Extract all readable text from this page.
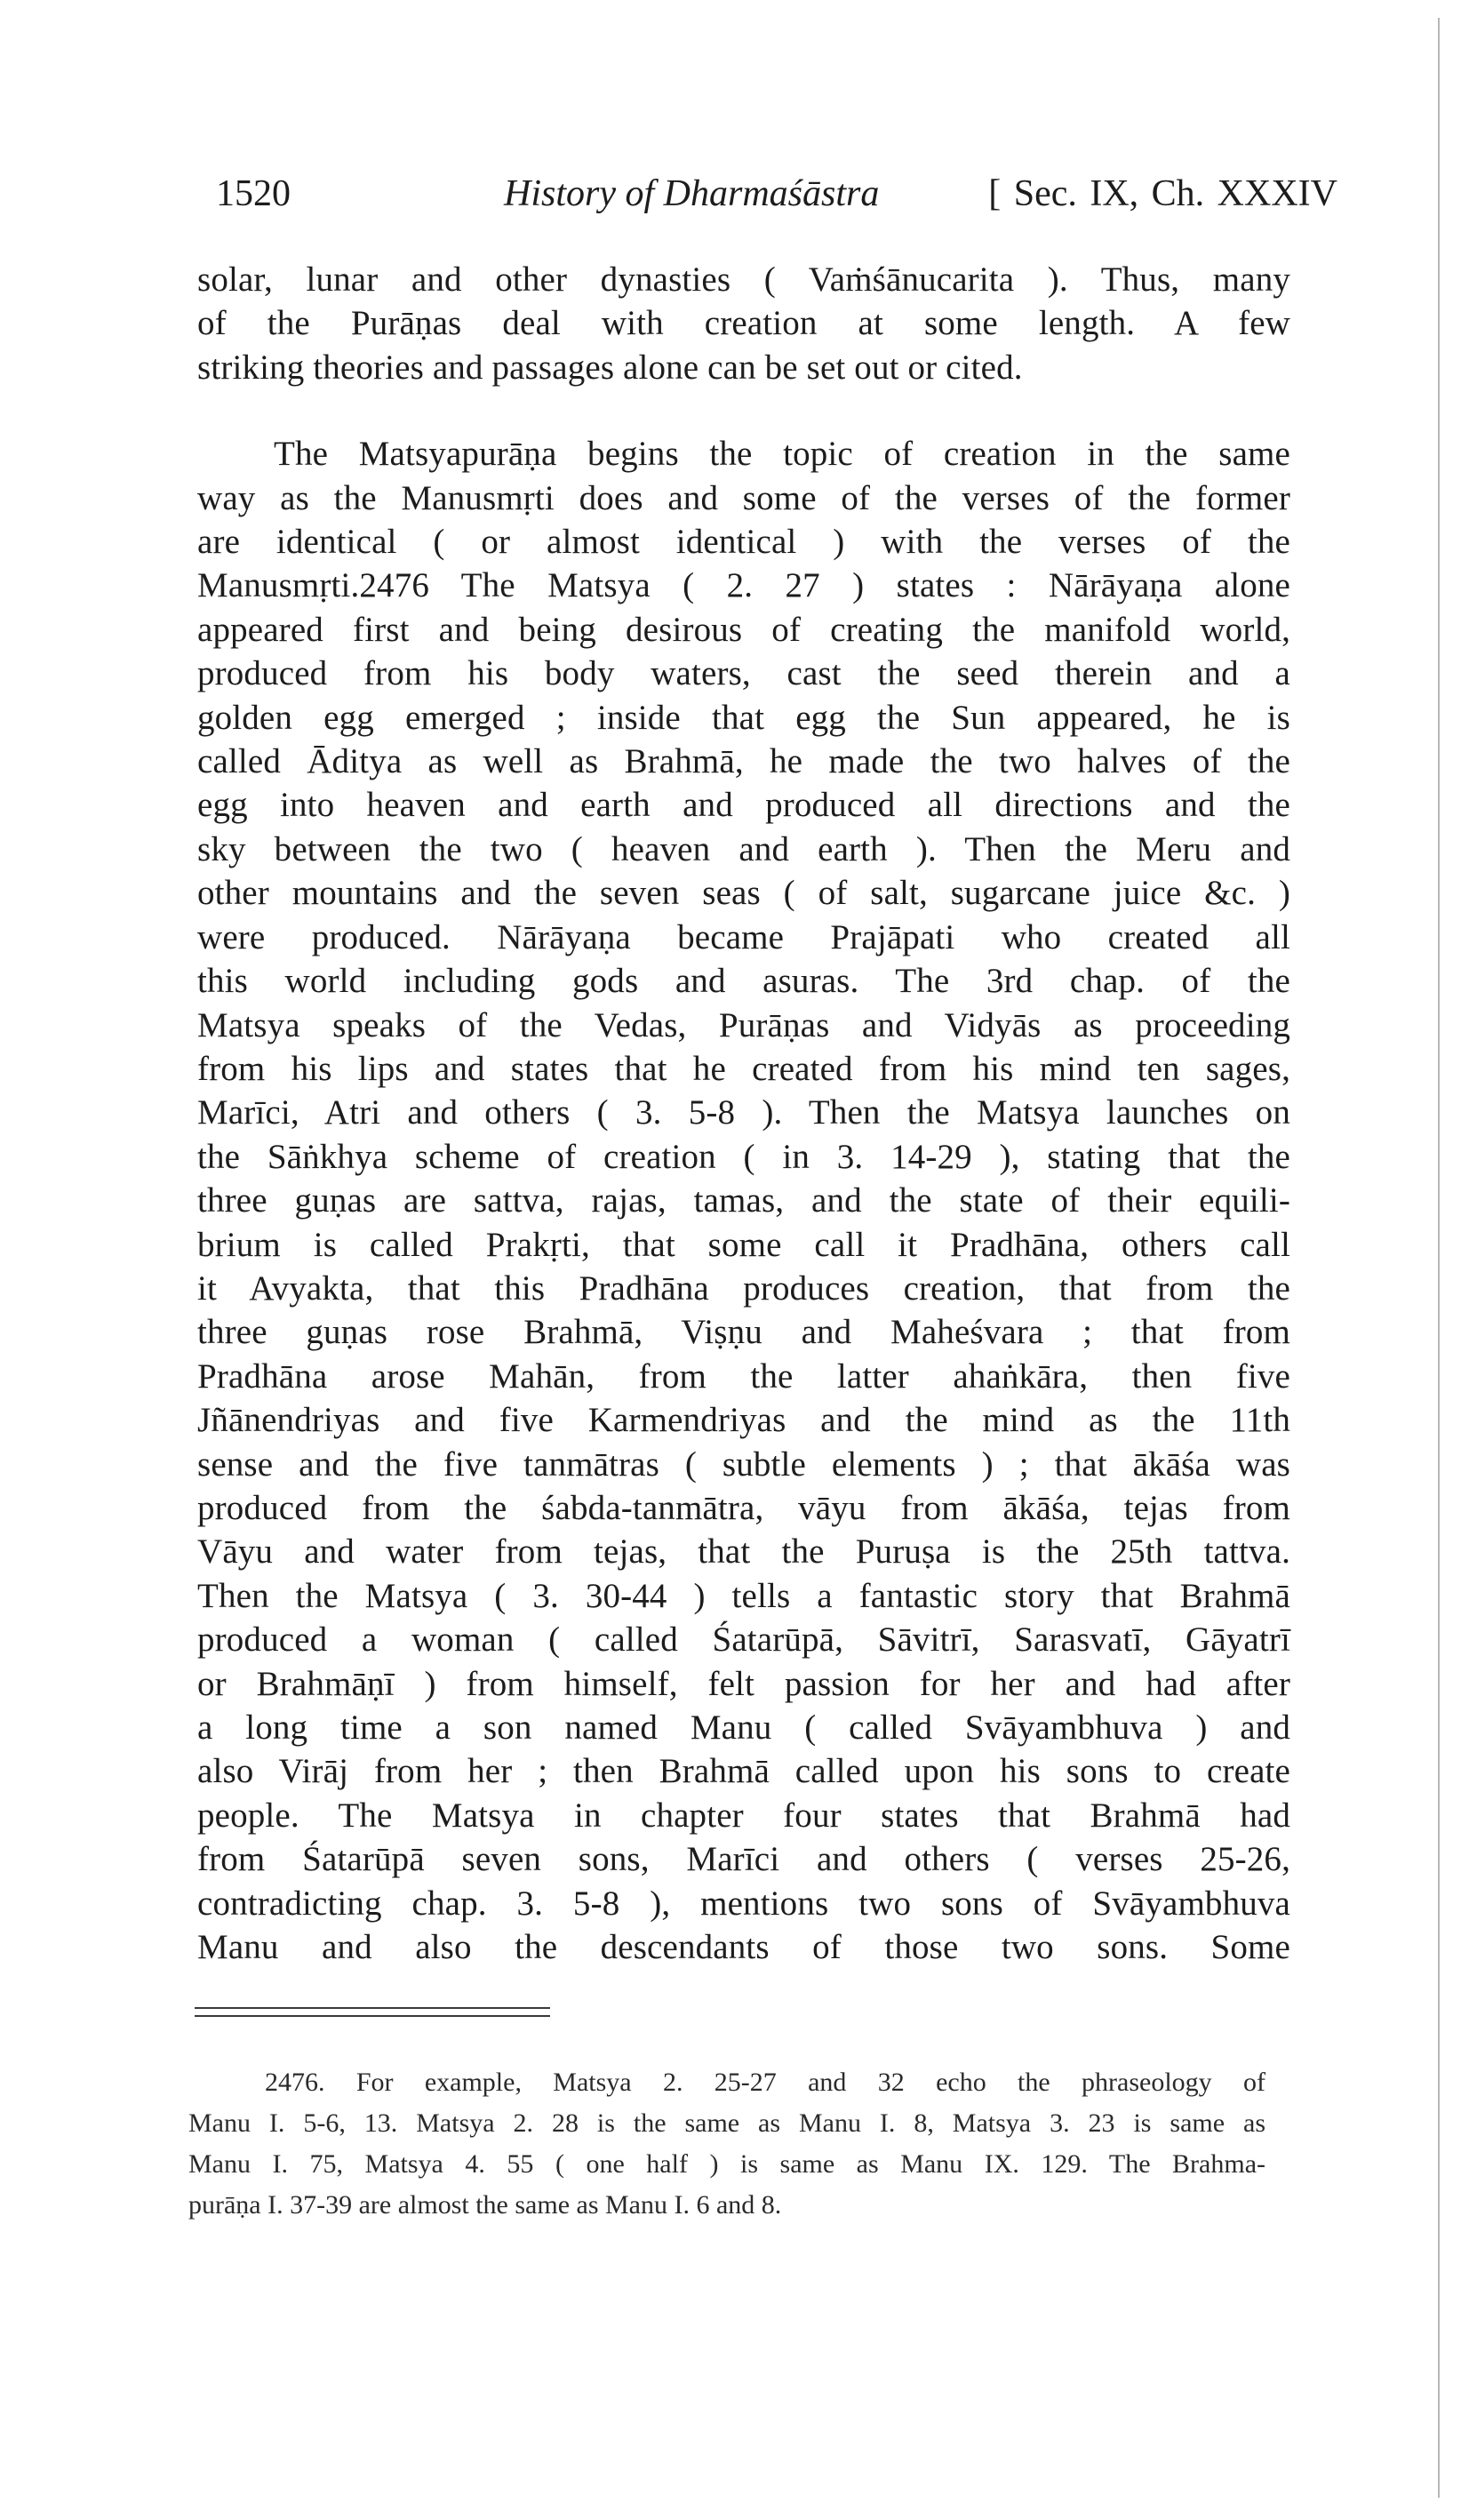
1520	History of Dharmaśāstra	[ Sec. IX, Ch. XXXIV
solar, lunar and other dynasties ( Vaṁśānucarita ). Thus, many
of the Purāṇas deal with creation at some length. A few
striking theories and passages alone can be set out or cited.
The Matsyapurāṇa begins the topic of creation in the same
way as the Manusmṛti does and some of the verses of the former
are identical ( or almost identical ) with the verses of the
Manusmṛti.2476 The Matsya ( 2. 27 ) states : Nārāyaṇa alone
appeared first and being desirous of creating the manifold world,
produced from his body waters, cast the seed therein and a
golden egg emerged ; inside that egg the Sun appeared, he is
called Āditya as well as Brahmā, he made the two halves of the
egg into heaven and earth and produced all directions and the
sky between the two ( heaven and earth ). Then the Meru and
other mountains and the seven seas ( of salt, sugarcane juice &c. )
were produced. Nārāyaṇa became Prajāpati who created all
this world including gods and asuras. The 3rd chap. of the
Matsya speaks of the Vedas, Purāṇas and Vidyās as proceeding
from his lips and states that he created from his mind ten sages,
Marīci, Atri and others ( 3. 5-8 ). Then the Matsya launches on
the Sāṅkhya scheme of creation ( in 3. 14-29 ), stating that the
three guṇas are sattva, rajas, tamas, and the state of their equili-
brium is called Prakṛti, that some call it Pradhāna, others call
it Avyakta, that this Pradhāna produces creation, that from the
three guṇas rose Brahmā, Viṣṇu and Maheśvara ; that from
Pradhāna arose Mahān, from the latter ahaṅkāra, then five
Jñānendriyas and five Karmendriyas and the mind as the 11th
sense and the five tanmātras ( subtle elements ) ; that ākāśa was
produced from the śabda-tanmātra, vāyu from ākāśa, tejas from
Vāyu and water from tejas, that the Puruṣa is the 25th tattva.
Then the Matsya ( 3. 30-44 ) tells a fantastic story that Brahmā
produced a woman ( called Śatarūpā, Sāvitrī, Sarasvatī, Gāyatrī
or Brahmāṇī ) from himself, felt passion for her and had after
a long time a son named Manu ( called Svāyambhuva ) and
also Virāj from her ; then Brahmā called upon his sons to create
people. The Matsya in chapter four states that Brahmā had
from Śatarūpā seven sons, Marīci and others ( verses 25-26,
contradicting chap. 3. 5-8 ), mentions two sons of Svāyambhuva
Manu and also the descendants of those two sons. Some
2476. For example, Matsya 2. 25-27 and 32 echo the phraseology of
Manu I. 5-6, 13. Matsya 2. 28 is the same as Manu I. 8, Matsya 3. 23 is same as
Manu I. 75, Matsya 4. 55 ( one half ) is same as Manu IX. 129. The Brahma-
purāṇa I. 37-39 are almost the same as Manu I. 6 and 8.
